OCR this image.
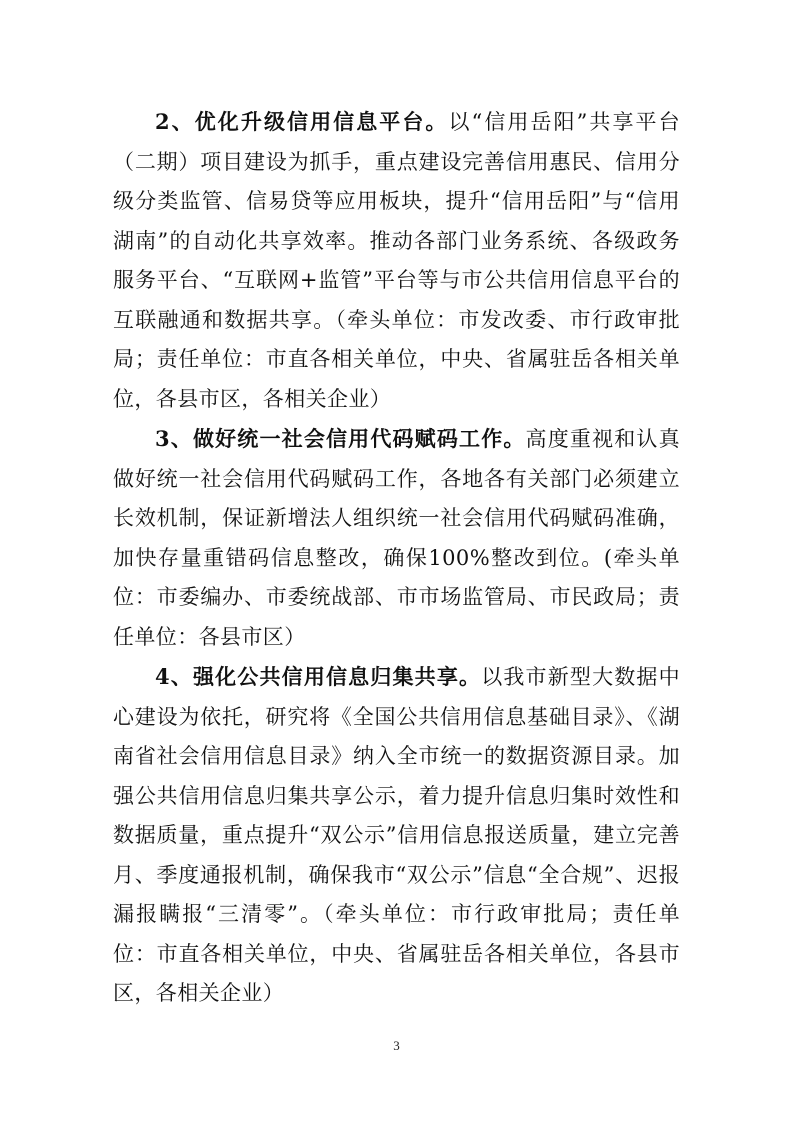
2、优化升级信用信息平台。以“信用岳阳”共享平台（二期）项目建设为抓手，重点建设完善信用惠民、信用分级分类监管、信易贷等应用板块，提升“信用岳阳”与“信用湖南”的自动化共享效率。推动各部门业务系统、各级政务服务平台、“互联网+监管”平台等与市公共信用信息平台的互联融通和数据共享。（牵头单位：市发改委、市行政审批局；责任单位：市直各相关单位，中央、省属驻岳各相关单位，各县市区，各相关企业）

3、做好统一社会信用代码赋码工作。高度重视和认真做好统一社会信用代码赋码工作，各地各有关部门必须建立长效机制，保证新增法人组织统一社会信用代码赋码准确，加快存量重错码信息整改，确保100%整改到位。(牵头单位：市委编办、市委统战部、市市场监管局、市民政局；责任单位：各县市区）

4、强化公共信用信息归集共享。以我市新型大数据中心建设为依托，研究将《全国公共信用信息基础目录》、《湖南省社会信用信息目录》纳入全市统一的数据资源目录。加强公共信用信息归集共享公示，着力提升信息归集时效性和数据质量，重点提升“双公示”信用信息报送质量，建立完善月、季度通报机制，确保我市“双公示”信息“全合规”、迟报漏报瞒报“三清零”。（牵头单位：市行政审批局；责任单位：市直各相关单位，中央、省属驻岳各相关单位，各县市区，各相关企业）

3
